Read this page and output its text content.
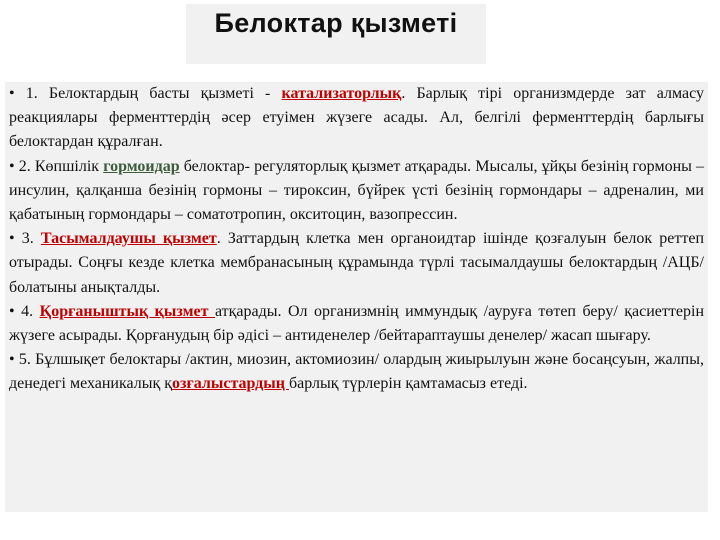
Белоктар қызметі

• 1. Белоктардың басты қызметі - катализаторлық. Барлық тірі организмдерде зат алмасу реакциялары ферменттердің әсер етуімен жүзеге асады. Ал, белгілі ферменттердің барлығы белоктардан құралған.

• 2. Көпшілік гормоидар белоктар- регуляторлық қызмет атқарады. Мысалы, ұйқы безінің гормоны – инсулин, қалқанша безінің гормоны – тироксин, бүйрек үсті безінің гормондары – адреналин, ми қабатының гормондары – соматотропин, окситоцин, вазопрессин.

• 3. Тасымалдаушы қызмет. Заттардың клетка мен органоидтар ішінде қозғалуын белок реттеп отырады. Соңғы кезде клетка мембранасының құрамында түрлі тасымалдаушы белоктардың /АЦБ/ болатыны анықталды.

• 4. Қорғаныштық қызмет атқарады. Ол организмнің иммундық /ауруға төтеп беру/ қасиеттерін жүзеге асырады. Қорғанудың бір әдісі – антиденелер /бейтараптаушы денелер/ жасап шығару.

• 5. Бұлшықет белоктары /актин, миозин, актомиозин/ олардың жиырылуын және босаңсуын, жалпы, денедегі механикалық қозғалыстардың барлық түрлерін қамтамасыз етеді.
